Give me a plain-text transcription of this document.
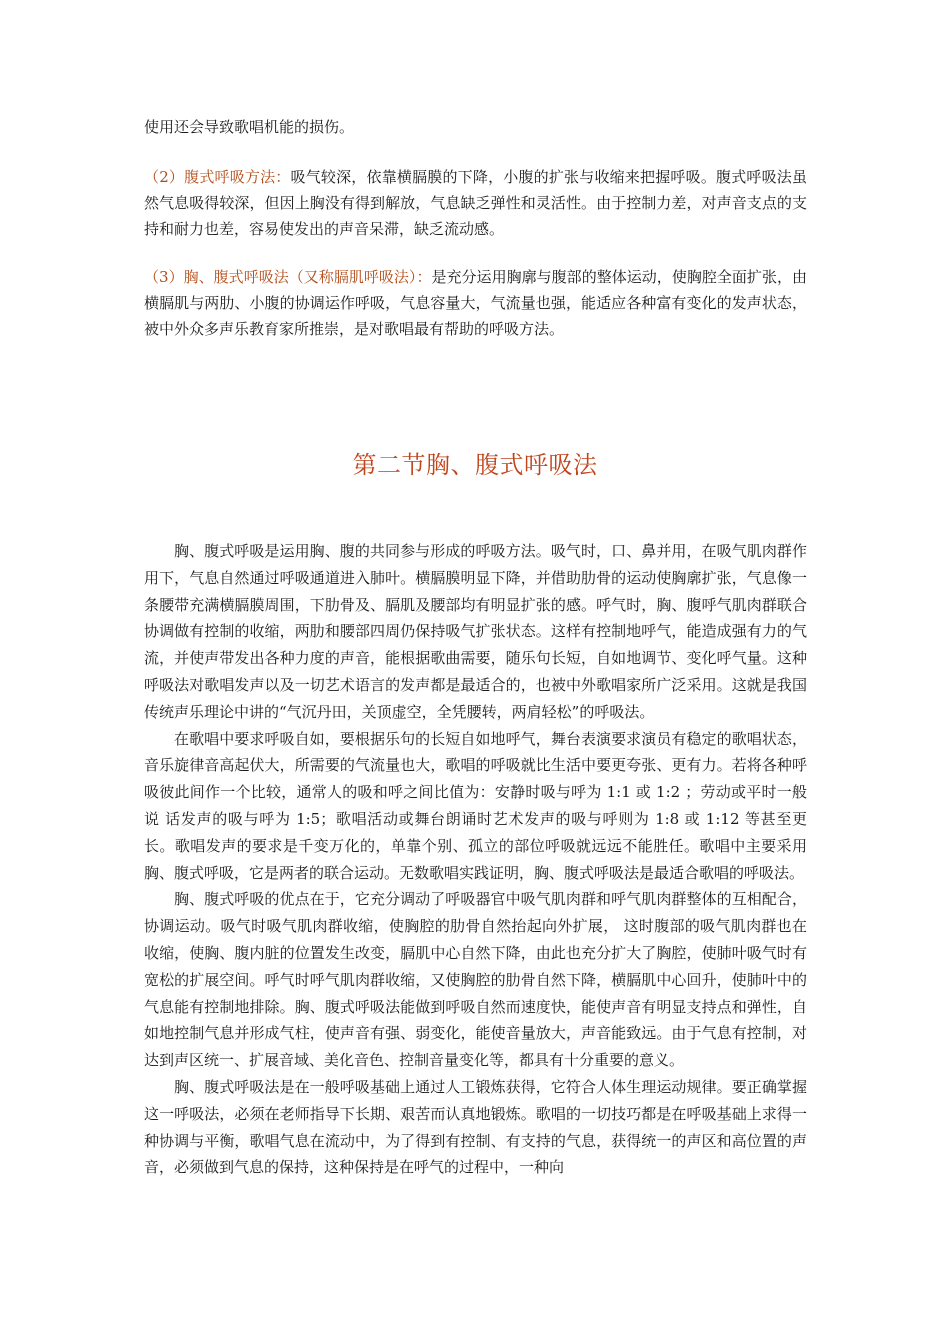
使用还会导致歌唱机能的损伤。
（2）腹式呼吸方法：吸气较深，依靠横膈膜的下降，小腹的扩张与收缩来把握呼吸。腹式呼吸法虽然气息吸得较深，但因上胸没有得到解放，气息缺乏弹性和灵活性。由于控制力差，对声音支点的支持和耐力也差，容易使发出的声音呆滞，缺乏流动感。
（3）胸、腹式呼吸法（又称膈肌呼吸法）：是充分运用胸廓与腹部的整体运动，使胸腔全面扩张，由横膈肌与两肋、小腹的协调运作呼吸，气息容量大，气流量也强，能适应各种富有变化的发声状态，被中外众多声乐教育家所推崇，是对歌唱最有帮助的呼吸方法。
第二节胸、腹式呼吸法

胸、腹式呼吸是运用胸、腹的共同参与形成的呼吸方法。吸气时，口、鼻并用，在吸气肌肉群作用下，气息自然通过呼吸通道进入肺叶。横膈膜明显下降，并借助肋骨的运动使胸廓扩张，气息像一条腰带充满横膈膜周围，下肋骨及、膈肌及腰部均有明显扩张的感。呼气时，胸、腹呼气肌肉群联合协调做有控制的收缩，两肋和腰部四周仍保持吸气扩张状态。这样有控制地呼气，能造成强有力的气流，并使声带发出各种力度的声音，能根据歌曲需要，随乐句长短，自如地调节、变化呼气量。这种呼吸法对歌唱发声以及一切艺术语言的发声都是最适合的，也被中外歌唱家所广泛采用。这就是我国传统声乐理论中讲的“气沉丹田，关顶虚空，全凭腰转，两肩轻松”的呼吸法。

在歌唱中要求呼吸自如，要根据乐句的长短自如地呼气，舞台表演要求演员有稳定的歌唱状态，音乐旋律音高起伏大，所需要的气流量也大，歌唱的呼吸就比生活中要更夸张、更有力。若将各种呼吸彼此间作一个比较，通常人的吸和呼之间比值为：安静时吸与呼为 1:1 或 1:2 ；劳动或平时一般说 话发声的吸与呼为 1:5；歌唱活动或舞台朗诵时艺术发声的吸与呼则为 1:8 或 1:12 等甚至更长。歌唱发声的要求是千变万化的，单靠个别、孤立的部位呼吸就远远不能胜任。歌唱中主要采用胸、腹式呼吸，它是两者的联合运动。无数歌唱实践证明，胸、腹式呼吸法是最适合歌唱的呼吸法。

胸、腹式呼吸的优点在于，它充分调动了呼吸器官中吸气肌肉群和呼气肌肉群整体的互相配合，协调运动。吸气时吸气肌肉群收缩，使胸腔的肋骨自然抬起向外扩展， 这时腹部的吸气肌肉群也在收缩，使胸、腹内脏的位置发生改变，膈肌中心自然下降，由此也充分扩大了胸腔，使肺叶吸气时有宽松的扩展空间。呼气时呼气肌肉群收缩，又使胸腔的肋骨自然下降，横膈肌中心回升，使肺叶中的气息能有控制地排除。胸、腹式呼吸法能做到呼吸自然而速度快，能使声音有明显支持点和弹性，自如地控制气息并形成气柱，使声音有强、弱变化，能使音量放大，声音能致远。由于气息有控制，对达到声区统一、扩展音域、美化音色、控制音量变化等，都具有十分重要的意义。

胸、腹式呼吸法是在一般呼吸基础上通过人工锻炼获得，它符合人体生理运动规律。要正确掌握这一呼吸法，必须在老师指导下长期、艰苦而认真地锻炼。歌唱的一切技巧都是在呼吸基础上求得一种协调与平衡，歌唱气息在流动中，为了得到有控制、有支持的气息，获得统一的声区和高位置的声音，必须做到气息的保持，这种保持是在呼气的过程中，一种向
